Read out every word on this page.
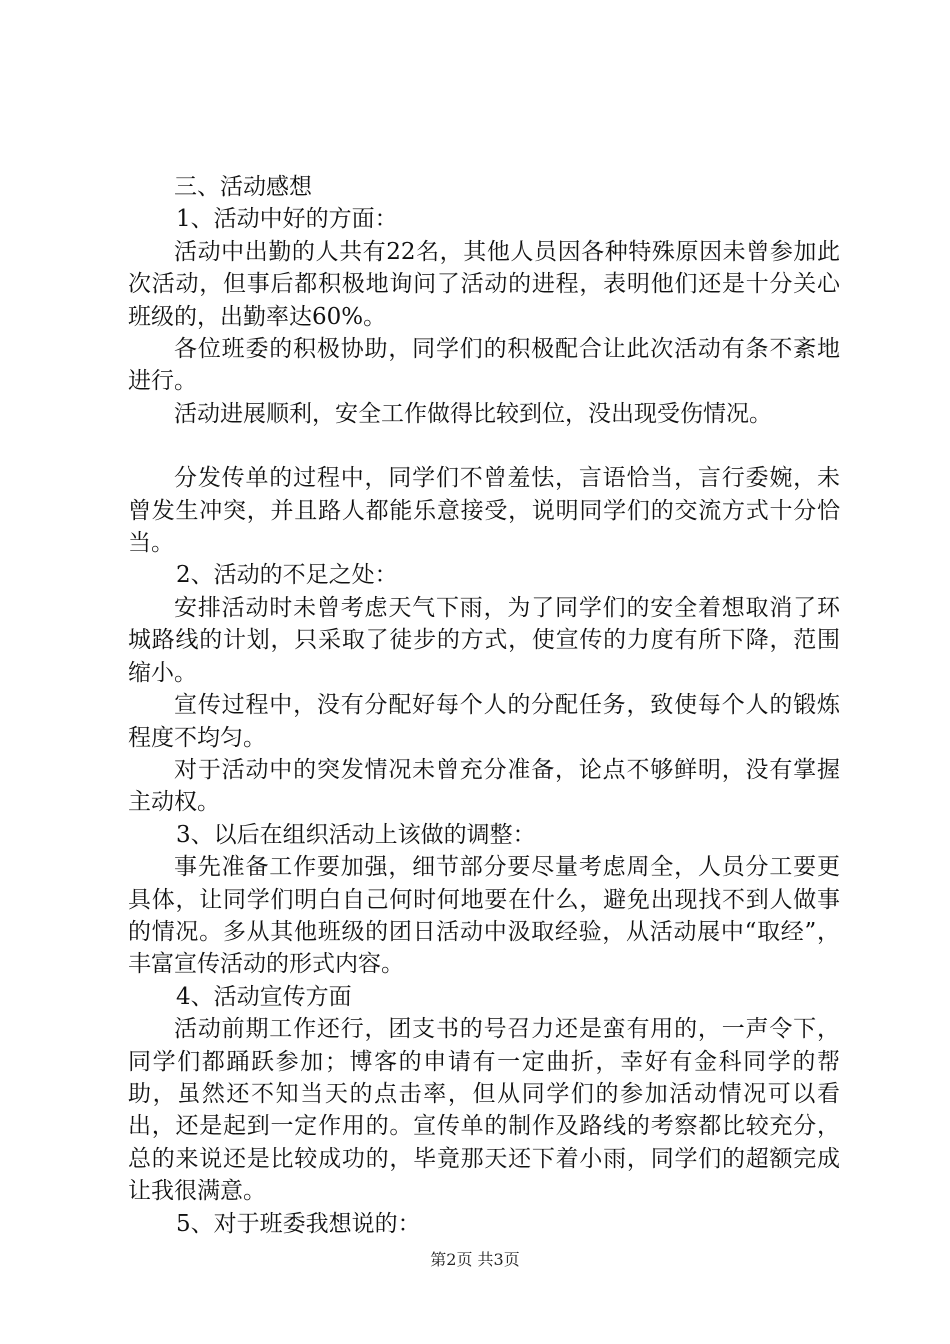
三、活动感想

1、活动中好的方面：

活动中出勤的人共有22名，其他人员因各种特殊原因未曾参加此次活动，但事后都积极地询问了活动的进程，表明他们还是十分关心班级的，出勤率达60%。

各位班委的积极协助，同学们的积极配合让此次活动有条不紊地进行。

活动进展顺利，安全工作做得比较到位，没出现受伤情况。

分发传单的过程中，同学们不曾羞怯，言语恰当，言行委婉，未曾发生冲突，并且路人都能乐意接受，说明同学们的交流方式十分恰当。

2、活动的不足之处：

安排活动时未曾考虑天气下雨，为了同学们的安全着想取消了环城路线的计划，只采取了徒步的方式，使宣传的力度有所下降，范围缩小。

宣传过程中，没有分配好每个人的分配任务，致使每个人的锻炼程度不均匀。

对于活动中的突发情况未曾充分准备，论点不够鲜明，没有掌握主动权。

3、以后在组织活动上该做的调整：

事先准备工作要加强，细节部分要尽量考虑周全，人员分工要更具体，让同学们明白自己何时何地要在什么，避免出现找不到人做事的情况。多从其他班级的团日活动中汲取经验，从活动展中“取经”，丰富宣传活动的形式内容。

4、活动宣传方面

活动前期工作还行，团支书的号召力还是蛮有用的，一声令下，同学们都踊跃参加；博客的申请有一定曲折，幸好有金科同学的帮助，虽然还不知当天的点击率，但从同学们的参加活动情况可以看出，还是起到一定作用的。宣传单的制作及路线的考察都比较充分，总的来说还是比较成功的，毕竟那天还下着小雨，同学们的超额完成让我很满意。

5、对于班委我想说的：

第2页 共3页
